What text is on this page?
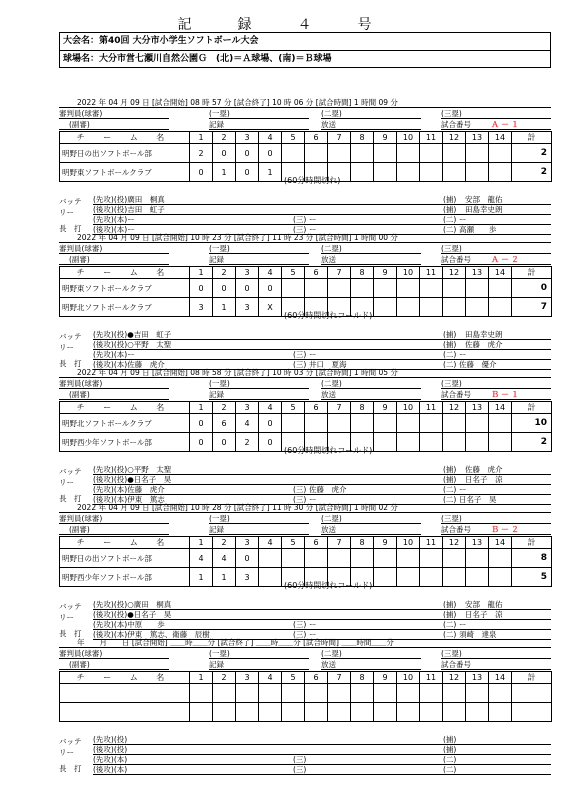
記　録　４　号
大会名：第40回 大分市小学生ソフトボール大会
球場名：大分市営七瀬川自然公園Ｇ　(北)＝Ａ球場、(南)＝Ｂ球場
2022 年 04 月 09 日 [試合開始] 08 時 57 分 [試合終了] 10 時 06 分 [試合時間] 1 時間 09 分
審判員(球審)	(一塁)	(二塁)	(三塁)
(副審)	記録	放送	試合番号	Ａ－１
チ ー ム 名	1	2	3	4	5	6	7	8	9	10	11	12	13	14	計
明野日の出ソフトボール部	2	0	0	0											2
明野東ソフトボールクラブ	0	1	0	1											2
(60分時間切れ)
バッテ
リー
長　打
(先攻)(投)廣田　桐真	(捕) 安部　龍佑
(後攻)(投)吉田　虹子	(捕) 田島幸史朗
(先攻)(本)ー	(三) ー	(二) ー
(後攻)(本)ー	(三) ー	(二) 高瀬　　歩
2022 年 04 月 09 日 [試合開始] 10 時 23 分 [試合終了] 11 時 23 分 [試合時間] 1 時間 00 分
審判員(球審)	(一塁)	(二塁)	(三塁)
(副審)	記録	放送	試合番号	Ａ－２
チ ー ム 名	1	2	3	4	5	6	7	8	9	10	11	12	13	14	計
明野東ソフトボールクラブ	0	0	0	0											0
明野北ソフトボールクラブ	3	1	3	X											7
(60分時間切れコールド)
バッテ
リー
長　打
(先攻)(投)●吉田　虹子	(捕) 田島幸史朗
(後攻)(投)○平野　太聖	(捕) 佐藤　虎介
(先攻)(本)ー	(三) ー	(二) ー
(後攻)(本)佐藤　虎介	(三) 井口　夏海	(二) 佐藤　優介
2022 年 04 月 09 日 [試合開始] 08 時 58 分 [試合終了] 10 時 03 分 [試合時間] 1 時間 05 分
審判員(球審)	(一塁)	(二塁)	(三塁)
(副審)	記録	放送	試合番号	Ｂ－１
チ ー ム 名	1	2	3	4	5	6	7	8	9	10	11	12	13	14	計
明野北ソフトボールクラブ	0	6	4	0											10
明野西少年ソフトボール部	0	0	2	0											2
(60分時間切れコールド)
バッテ
リー
長　打
(先攻)(投)○平野　太聖	(捕) 佐藤　虎介
(後攻)(投)●日名子　昊	(捕) 日名子　涼
(先攻)(本)佐藤　虎介	(三) 佐藤　虎介	(二) ー
(後攻)(本)伊東　篤志	(三) ー	(二) 日名子　昊
2022 年 04 月 09 日 [試合開始] 10 時 28 分 [試合終了] 11 時 30 分 [試合時間] 1 時間 02 分
審判員(球審)	(一塁)	(二塁)	(三塁)
(副審)	記録	放送	試合番号	Ｂ－２
チ ー ム 名	1	2	3	4	5	6	7	8	9	10	11	12	13	14	計
明野日の出ソフトボール部	4	4	0												8
明野西少年ソフトボール部	1	1	3												5
(60分時間切れコールド)
バッテ
リー
長　打
(先攻)(投)○廣田　桐真	(捕) 安部　龍佑
(後攻)(投)●日名子　昊	(捕) 日名子　涼
(先攻)(本)中原　　歩	(三) ー	(二) ー
(後攻)(本)伊東　篤志、衛藤　辰樹	(三) ー	(二) 須崎　達泉
年　　月　　日 [試合開始] ＿＿時＿＿分 [試合終了] ＿＿時＿＿分 [試合時間] ＿＿時間＿＿分
審判員(球審)	(一塁)	(二塁)	(三塁)
(副審)	記録	放送	試合番号
チ ー ム 名	1	2	3	4	5	6	7	8	9	10	11	12	13	14	計

バッテ
リー
長　打
(先攻)(投)	(捕)
(後攻)(投)	(捕)
(先攻)(本)	(三)	(二)
(後攻)(本)	(三)	(二)
